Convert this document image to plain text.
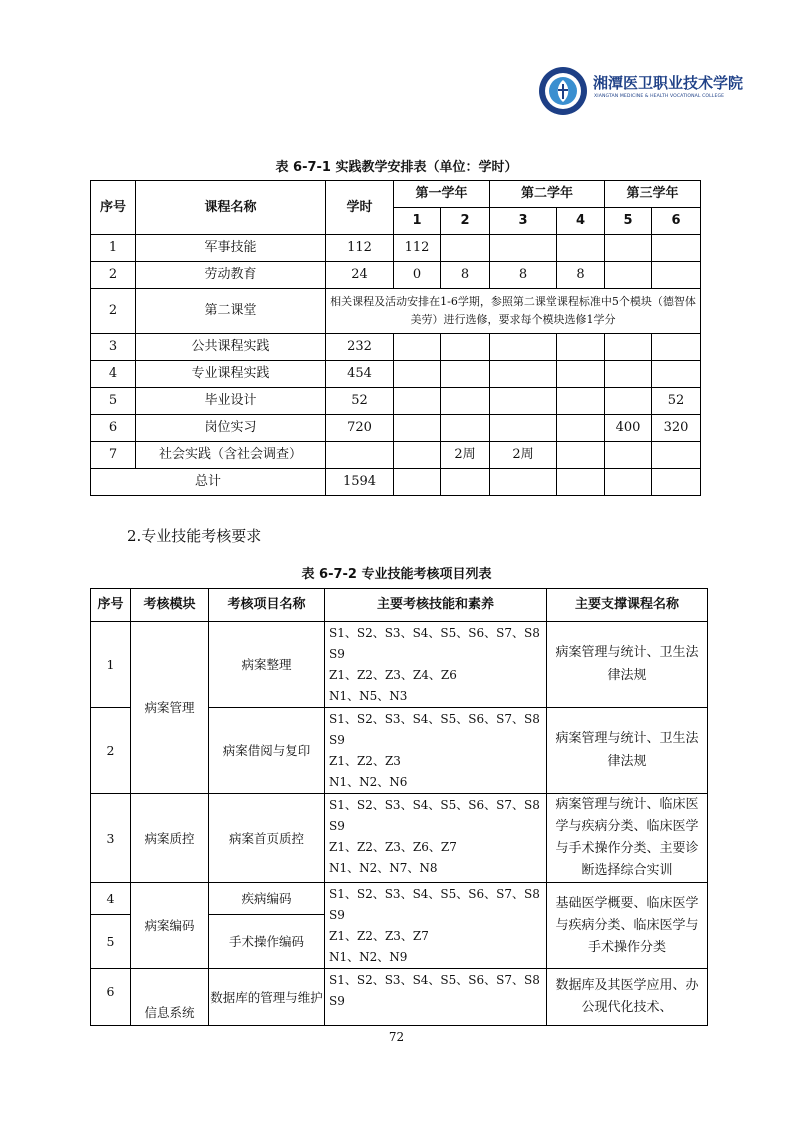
湘潭医卫职业技术学院
XIANGTAN MEDICINE & HEALTH VOCATIONAL COLLEGE
表 6-7-1 实践教学安排表（单位：学时）
序号	课程名称	学时	第一学年		第二学年		第三学年	
			1	2	3	4	5	6
1	军事技能	112	112					
2	劳动教育	24	0	8	8	8		
2	第二课堂	相关课程及活动安排在1-6学期，参照第二课堂课程标准中5个模块（德智体美劳）进行选修，要求每个模块选修1学分						
3	公共课程实践	232						
4	专业课程实践	454						
5	毕业设计	52						52
6	岗位实习	720					400	320
7	社会实践（含社会调查）			2周	2周			
总计		1594						
2.专业技能考核要求
表 6-7-2 专业技能考核项目列表
序号	考核模块	考核项目名称	主要考核技能和素养	主要支撑课程名称
1	病案管理	病案整理	S1、S2、S3、S4、S5、S6、S7、S8
S9
Z1、Z2、Z3、Z4、Z6
N1、N5、N3	病案管理与统计、卫生法律法规
2		病案借阅与复印	S1、S2、S3、S4、S5、S6、S7、S8
S9
Z1、Z2、Z3
N1、N2、N6	病案管理与统计、卫生法律法规
3	病案质控	病案首页质控	S1、S2、S3、S4、S5、S6、S7、S8
S9
Z1、Z2、Z3、Z6、Z7
N1、N2、N7、N8	病案管理与统计、临床医学与疾病分类、临床医学与手术操作分类、主要诊断选择综合实训
4	病案编码	疾病编码	S1、S2、S3、S4、S5、S6、S7、S8
S9
Z1、Z2、Z3、Z7
N1、N2、N9	基础医学概要、临床医学与疾病分类、临床医学与手术操作分类
5		手术操作编码		
6	信息系统	数据库的管理与维护	S1、S2、S3、S4、S5、S6、S7、S8
S9	数据库及其医学应用、办公现代化技术、
72
